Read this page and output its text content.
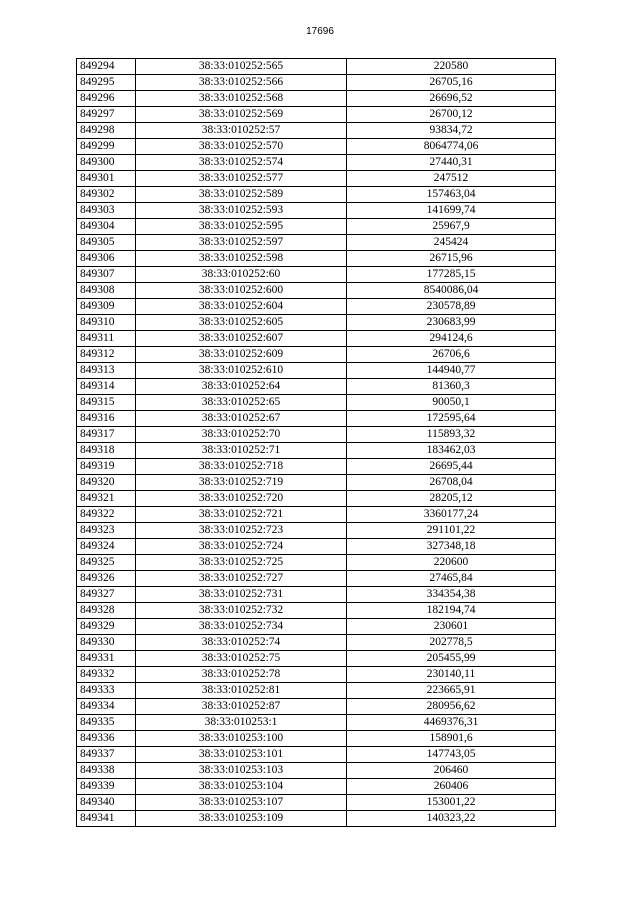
17696
849294	38:33:010252:565	220580
849295	38:33:010252:566	26705,16
849296	38:33:010252:568	26696,52
849297	38:33:010252:569	26700,12
849298	38:33:010252:57	93834,72
849299	38:33:010252:570	8064774,06
849300	38:33:010252:574	27440,31
849301	38:33:010252:577	247512
849302	38:33:010252:589	157463,04
849303	38:33:010252:593	141699,74
849304	38:33:010252:595	25967,9
849305	38:33:010252:597	245424
849306	38:33:010252:598	26715,96
849307	38:33:010252:60	177285,15
849308	38:33:010252:600	8540086,04
849309	38:33:010252:604	230578,89
849310	38:33:010252:605	230683,99
849311	38:33:010252:607	294124,6
849312	38:33:010252:609	26706,6
849313	38:33:010252:610	144940,77
849314	38:33:010252:64	81360,3
849315	38:33:010252:65	90050,1
849316	38:33:010252:67	172595,64
849317	38:33:010252:70	115893,32
849318	38:33:010252:71	183462,03
849319	38:33:010252:718	26695,44
849320	38:33:010252:719	26708,04
849321	38:33:010252:720	28205,12
849322	38:33:010252:721	3360177,24
849323	38:33:010252:723	291101,22
849324	38:33:010252:724	327348,18
849325	38:33:010252:725	220600
849326	38:33:010252:727	27465,84
849327	38:33:010252:731	334354,38
849328	38:33:010252:732	182194,74
849329	38:33:010252:734	230601
849330	38:33:010252:74	202778,5
849331	38:33:010252:75	205455,99
849332	38:33:010252:78	230140,11
849333	38:33:010252:81	223665,91
849334	38:33:010252:87	280956,62
849335	38:33:010253:1	4469376,31
849336	38:33:010253:100	158901,6
849337	38:33:010253:101	147743,05
849338	38:33:010253:103	206460
849339	38:33:010253:104	260406
849340	38:33:010253:107	153001,22
849341	38:33:010253:109	140323,22
